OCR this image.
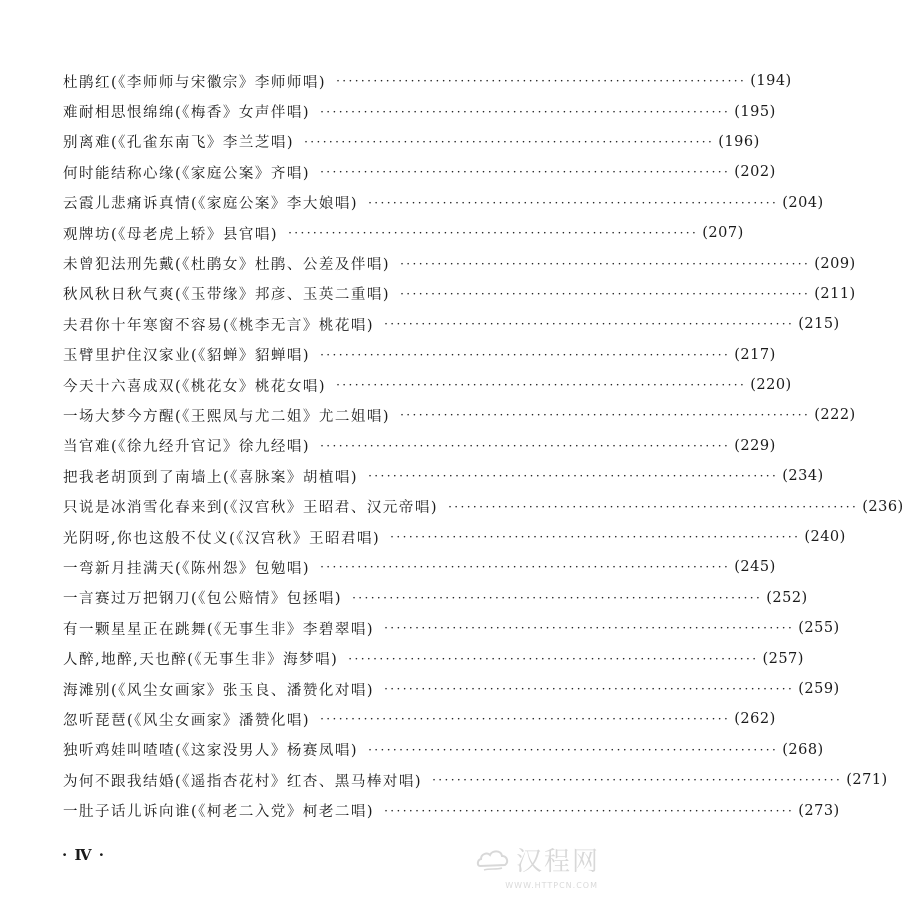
杜鹃红(《李师师与宋徽宗》李师师唱) ·································································· (194)
难耐相思恨绵绵(《梅香》女声伴唱) ·································································· (195)
别离难(《孔雀东南飞》李兰芝唱) ·································································· (196)
何时能结称心缘(《家庭公案》齐唱) ·································································· (202)
云霞儿悲痛诉真情(《家庭公案》李大娘唱) ·································································· (204)
观牌坊(《母老虎上轿》县官唱) ·································································· (207)
未曾犯法刑先戴(《杜鹃女》杜鹃、公差及伴唱) ·································································· (209)
秋风秋日秋气爽(《玉带缘》邦彦、玉英二重唱) ·································································· (211)
夫君你十年寒窗不容易(《桃李无言》桃花唱) ·································································· (215)
玉臂里护住汉家业(《貂蝉》貂蝉唱) ·································································· (217)
今天十六喜成双(《桃花女》桃花女唱) ·································································· (220)
一场大梦今方醒(《王熙凤与尤二姐》尤二姐唱) ·································································· (222)
当官难(《徐九经升官记》徐九经唱) ·································································· (229)
把我老胡顶到了南墙上(《喜脉案》胡植唱) ·································································· (234)
只说是冰消雪化春来到(《汉宫秋》王昭君、汉元帝唱) ·································································· (236)
光阴呀,你也这般不仗义(《汉宫秋》王昭君唱) ·································································· (240)
一弯新月挂满天(《陈州怨》包勉唱) ·································································· (245)
一言赛过万把钢刀(《包公赔情》包拯唱) ·································································· (252)
有一颗星星正在跳舞(《无事生非》李碧翠唱) ·································································· (255)
人醉,地醉,天也醉(《无事生非》海梦唱) ·································································· (257)
海滩别(《风尘女画家》张玉良、潘赞化对唱) ·································································· (259)
忽听琵琶(《风尘女画家》潘赞化唱) ·································································· (262)
独听鸡娃叫喳喳(《这家没男人》杨赛凤唱) ·································································· (268)
为何不跟我结婚(《遥指杏花村》红杏、黑马棒对唱) ·································································· (271)
一肚子话儿诉向谁(《柯老二入党》柯老二唱) ·································································· (273)
· Ⅳ ·	汉程网
WWW.HTTPCN.COM
